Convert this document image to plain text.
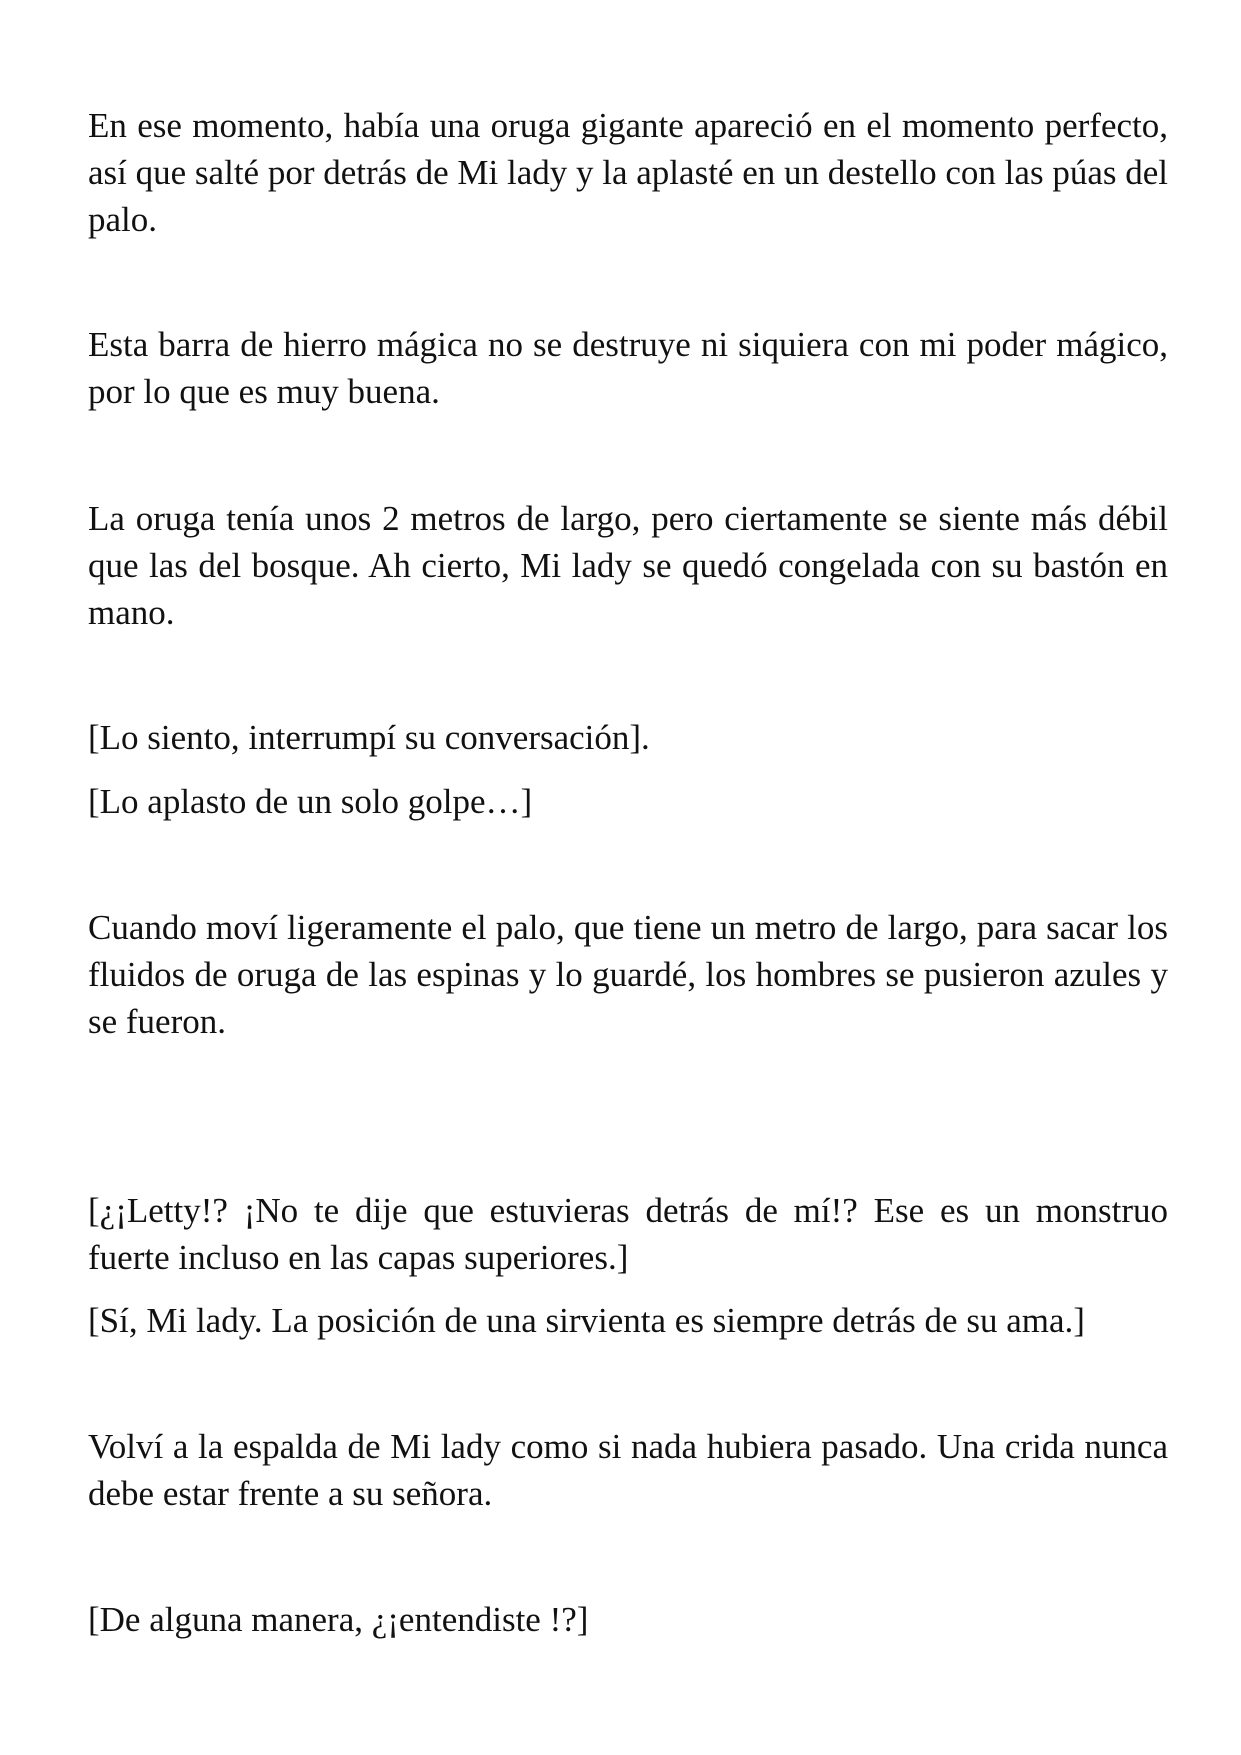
En ese momento, había una oruga gigante apareció en el momento perfecto, así que salté por detrás de Mi lady y la aplasté en un destello con las púas del palo.

Esta barra de hierro mágica no se destruye ni siquiera con mi poder mágico, por lo que es muy buena.

La oruga tenía unos 2 metros de largo, pero ciertamente se siente más débil que las del bosque. Ah cierto, Mi lady se quedó congelada con su bastón en mano.

[Lo siento, interrumpí su conversación].

[Lo aplasto de un solo golpe…]

Cuando moví ligeramente el palo, que tiene un metro de largo, para sacar los fluidos de oruga de las espinas y lo guardé, los hombres se pusieron azules y se fueron.

[¿¡Letty!? ¡No te dije que estuvieras detrás de mí!? Ese es un monstruo fuerte incluso en las capas superiores.]

[Sí, Mi lady. La posición de una sirvienta es siempre detrás de su ama.]

Volví a la espalda de Mi lady como si nada hubiera pasado. Una crida nunca debe estar frente a su señora.

[De alguna manera, ¿¡entendiste !?]
